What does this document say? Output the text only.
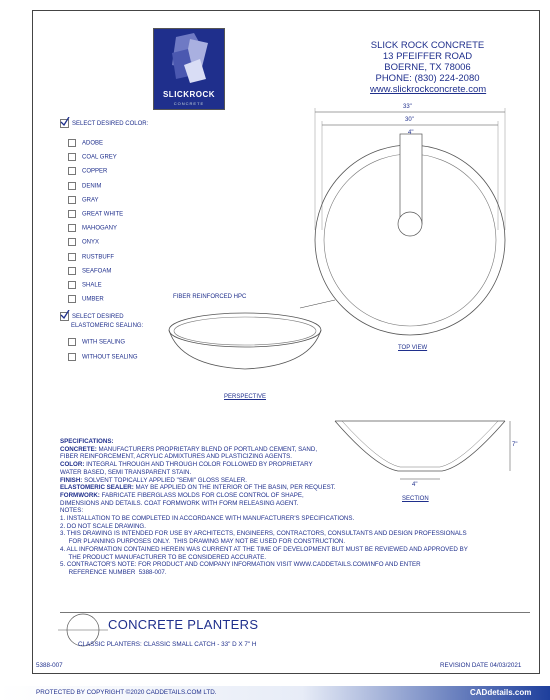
SLICKROCK
CONCRETE
SLICK ROCK CONCRETE
13 PFEIFFER ROAD
BOERNE, TX 78006
PHONE: (830) 224-2080
www.slickrockconcrete.com
SELECT DESIRED COLOR:
ADOBE
COAL GREY
COPPER
DENIM
GRAY
GREAT WHITE
MAHOGANY
ONYX
RUSTBUFF
SEAFOAM
SHALE
UMBER
SELECT DESIRED
ELASTOMERIC SEALING:
WITH SEALING
WITHOUT SEALING
FIBER REINFORCED HPC
PERSPECTIVE
33"
30"
4"
TOP VIEW
7"
4"
SECTION
SPECIFICATIONS:
CONCRETE: MANUFACTURERS PROPRIETARY BLEND OF PORTLAND CEMENT, SAND,
FIBER REINFORCEMENT, ACRYLIC ADMIXTURES AND PLASTICIZING AGENTS.
COLOR: INTEGRAL THROUGH AND THROUGH COLOR FOLLOWED BY PROPRIETARY
WATER BASED, SEMI TRANSPARENT STAIN.
FINISH: SOLVENT TOPICALLY APPLIED "SEMI" GLOSS SEALER.
ELASTOMERIC SEALER: MAY BE APPLIED ON THE INTERIOR OF THE BASIN, PER REQUEST.
FORMWORK: FABRICATE FIBERGLASS MOLDS FOR CLOSE CONTROL OF SHAPE,
DIMENSIONS AND DETAILS. COAT FORMWORK WITH FORM RELEASING AGENT.
NOTES:
1. INSTALLATION TO BE COMPLETED IN ACCORDANCE WITH MANUFACTURER'S SPECIFICATIONS.
2. DO NOT SCALE DRAWING.
3. THIS DRAWING IS INTENDED FOR USE BY ARCHITECTS, ENGINEERS, CONTRACTORS, CONSULTANTS AND DESIGN PROFESSIONALS
FOR PLANNING PURPOSES ONLY.  THIS DRAWING MAY NOT BE USED FOR CONSTRUCTION.
4. ALL INFORMATION CONTAINED HEREIN WAS CURRENT AT THE TIME OF DEVELOPMENT BUT MUST BE REVIEWED AND APPROVED BY
THE PRODUCT MANUFACTURER TO BE CONSIDERED ACCURATE.
5. CONTRACTOR'S NOTE: FOR PRODUCT AND COMPANY INFORMATION VISIT WWW.CADDETAILS.COM/INFO AND ENTER
REFERENCE NUMBER  5388-007.
CONCRETE PLANTERS
CLASSIC PLANTERS: CLASSIC SMALL CATCH - 33" D X 7" H
5388-007	REVISION DATE 04/03/2021
PROTECTED BY COPYRIGHT ©2020 CADDETAILS.COM LTD.	CADdetails.com
